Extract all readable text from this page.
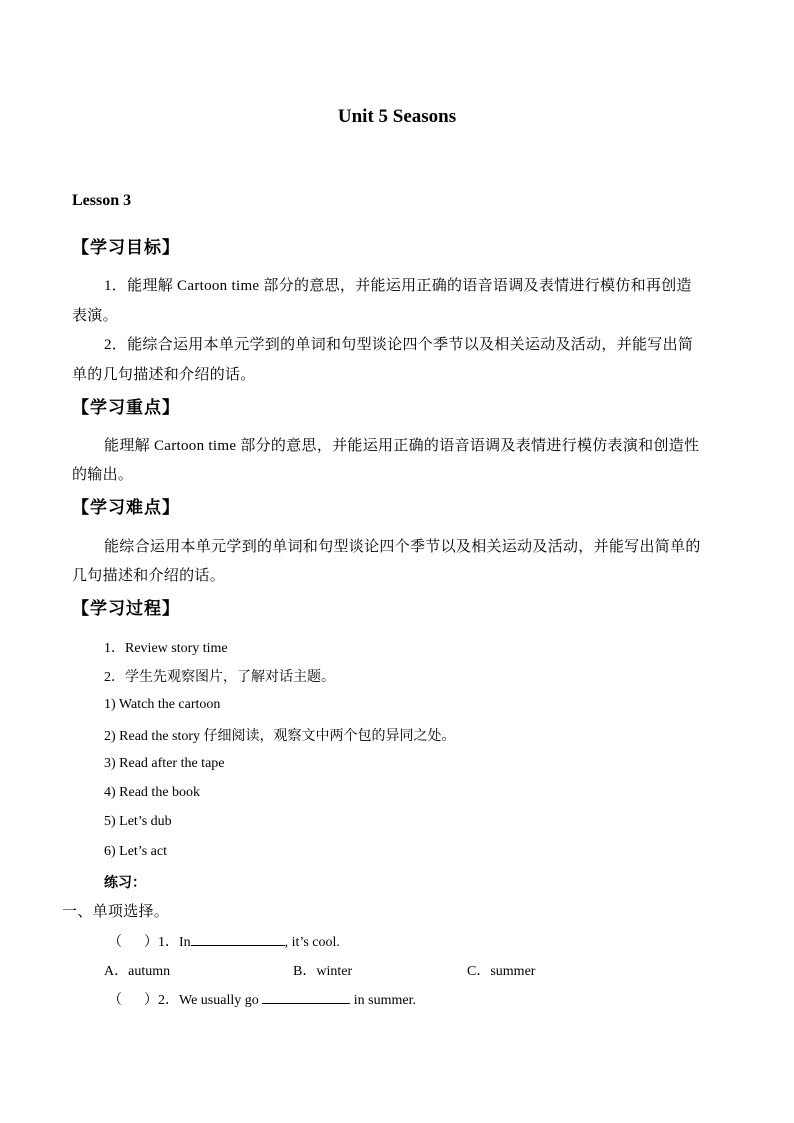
Unit 5 Seasons
Lesson 3
【学习目标】
1．能理解 Cartoon time 部分的意思，并能运用正确的语音语调及表情进行模仿和再创造
表演。
2．能综合运用本单元学到的单词和句型谈论四个季节以及相关运动及活动，并能写出简
单的几句描述和介绍的话。
【学习重点】
能理解 Cartoon time 部分的意思，并能运用正确的语音语调及表情进行模仿表演和创造性
的输出。
【学习难点】
能综合运用本单元学到的单词和句型谈论四个季节以及相关运动及活动，并能写出简单的
几句描述和介绍的话。
【学习过程】
1．Review story time
2．学生先观察图片，了解对话主题。
1) Watch the cartoon
2) Read the story 仔细阅读，观察文中两个包的异同之处。
3) Read after the tape
4) Read the book
5) Let’s dub
6) Let’s act
练习：
一、单项选择。
（ ）1．In	, it’s cool.
A．autumn	B．winter	C．summer
（ ）2．We usually go	in summer.
